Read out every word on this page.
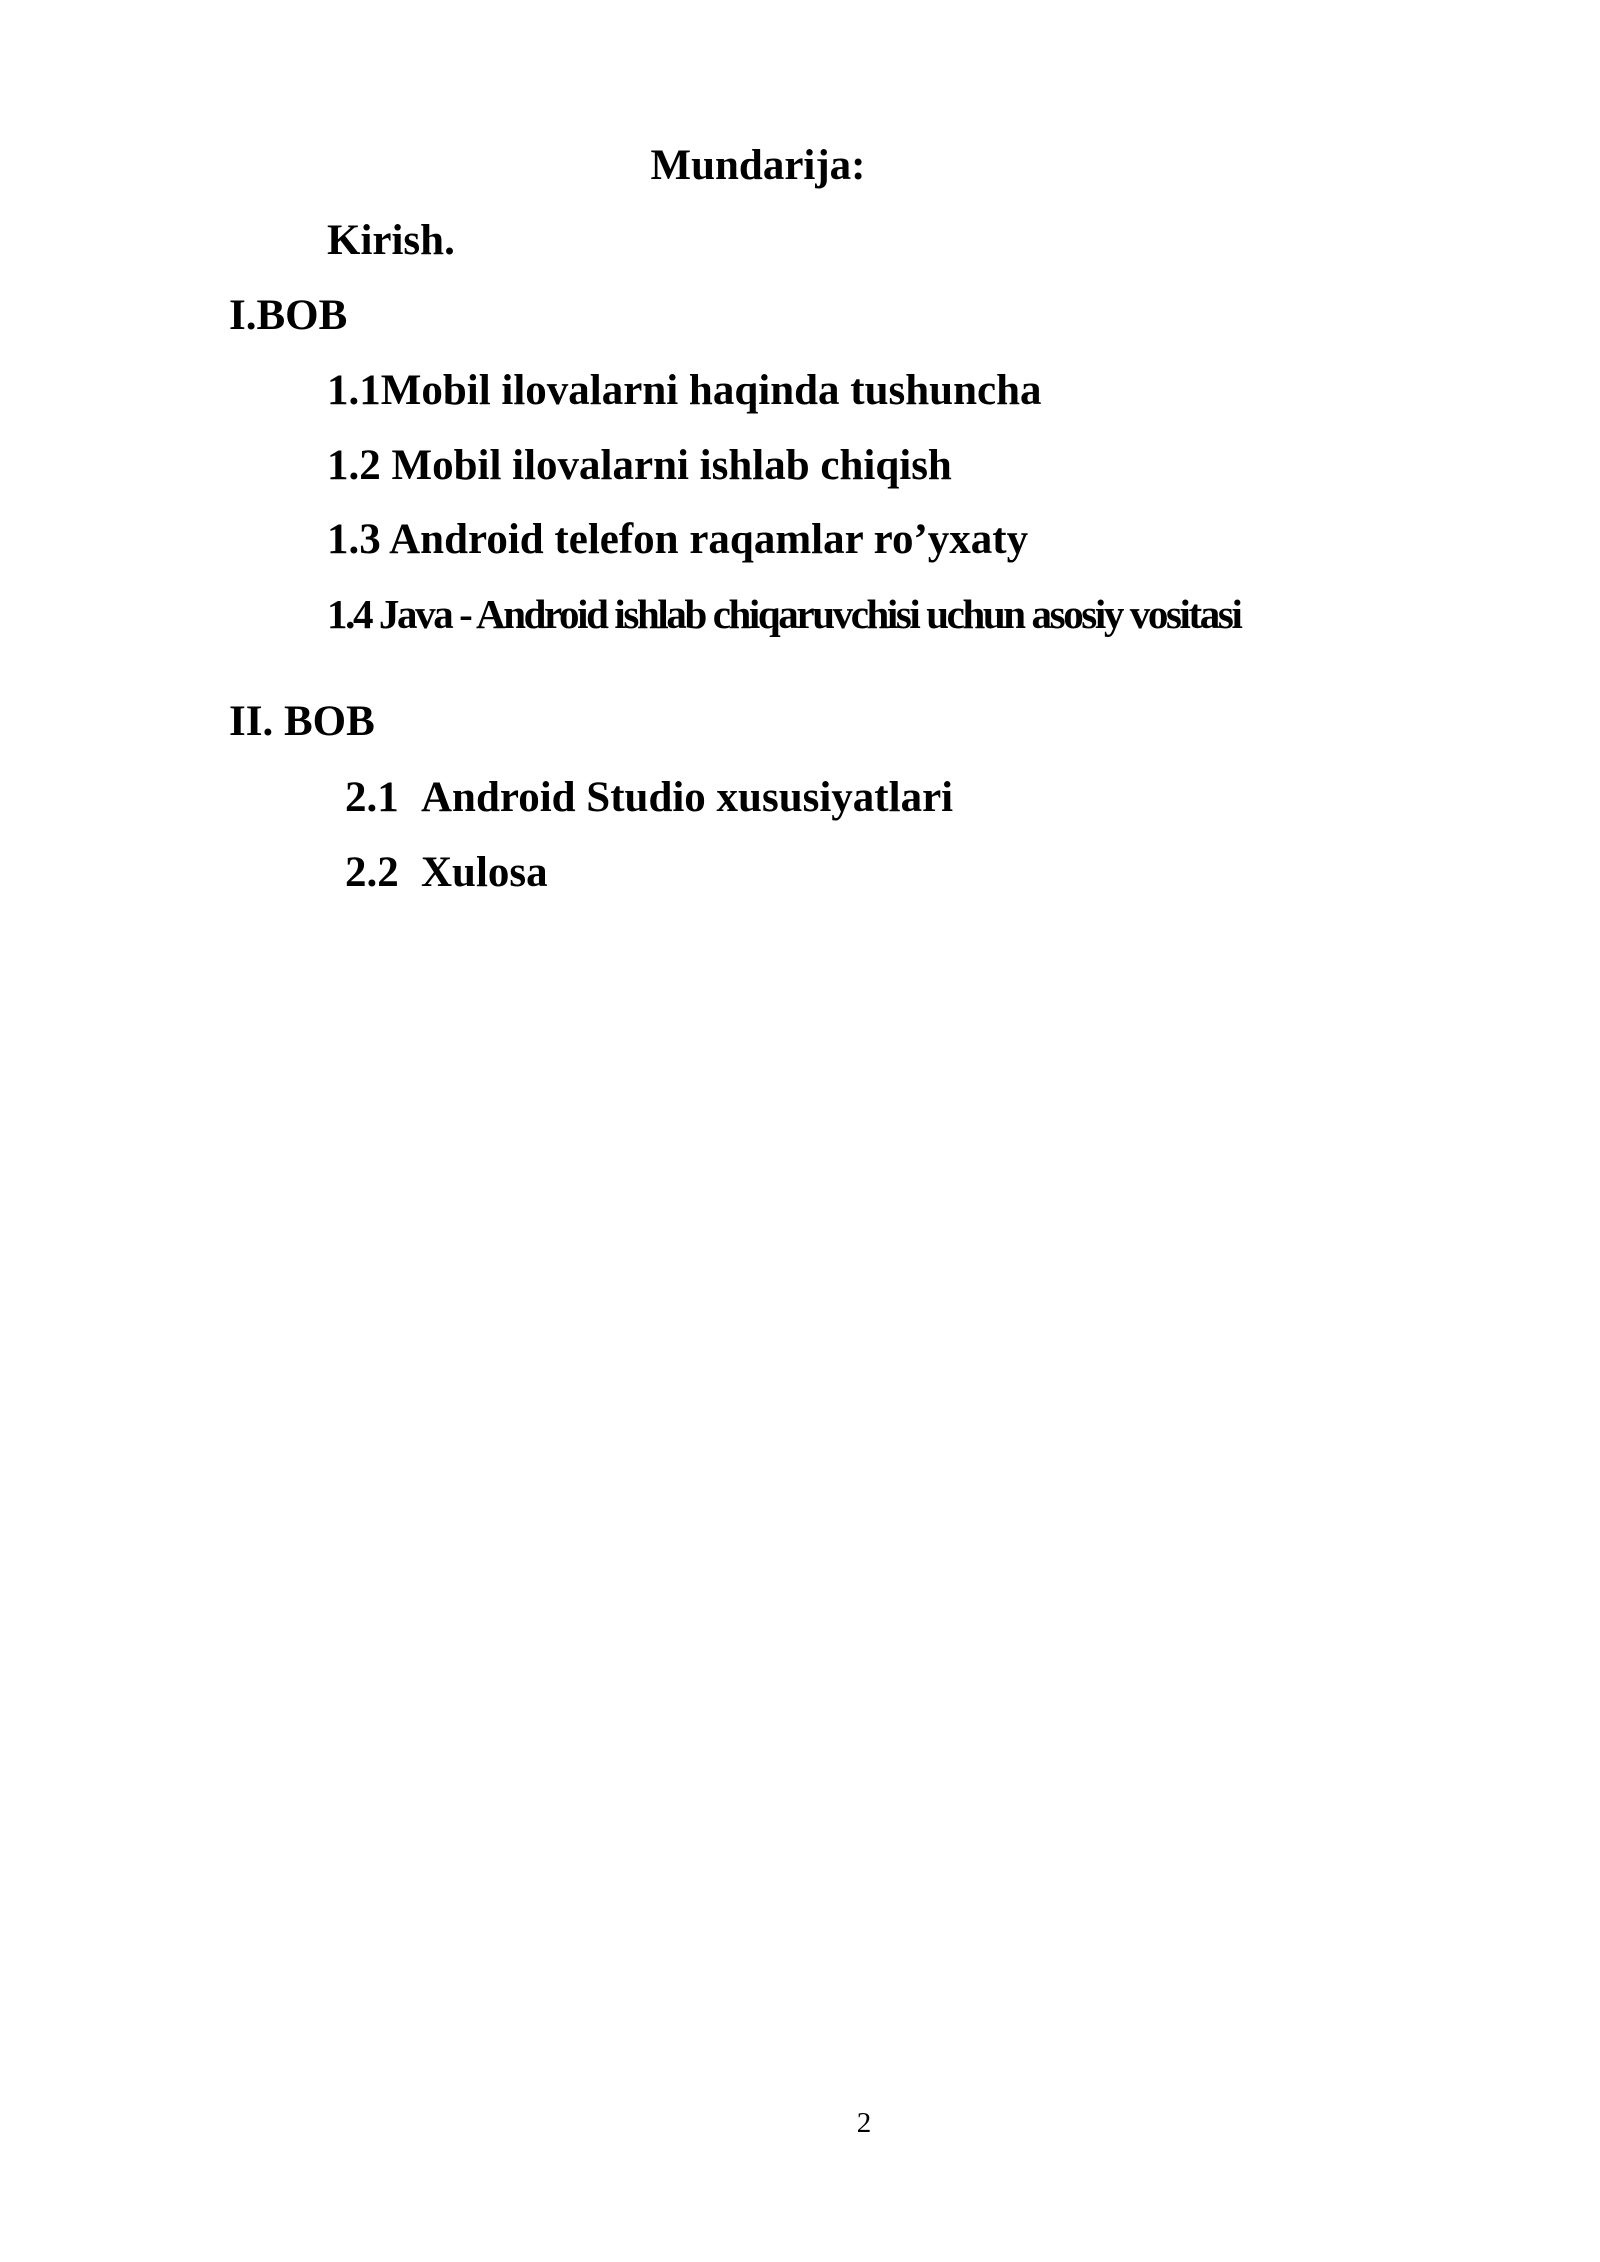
Mundarija:
Kirish.
I.BOB
1.1Mobil ilovalarni haqinda tushuncha
1.2 Mobil ilovalarni ishlab chiqish
1.3 Android telefon raqamlar ro’yxaty
1.4 Java - Android ishlab chiqaruvchisi uchun asosiy vositasi
II. BOB
2.1 Android Studio xususiyatlari
2.2 Xulosa
2
